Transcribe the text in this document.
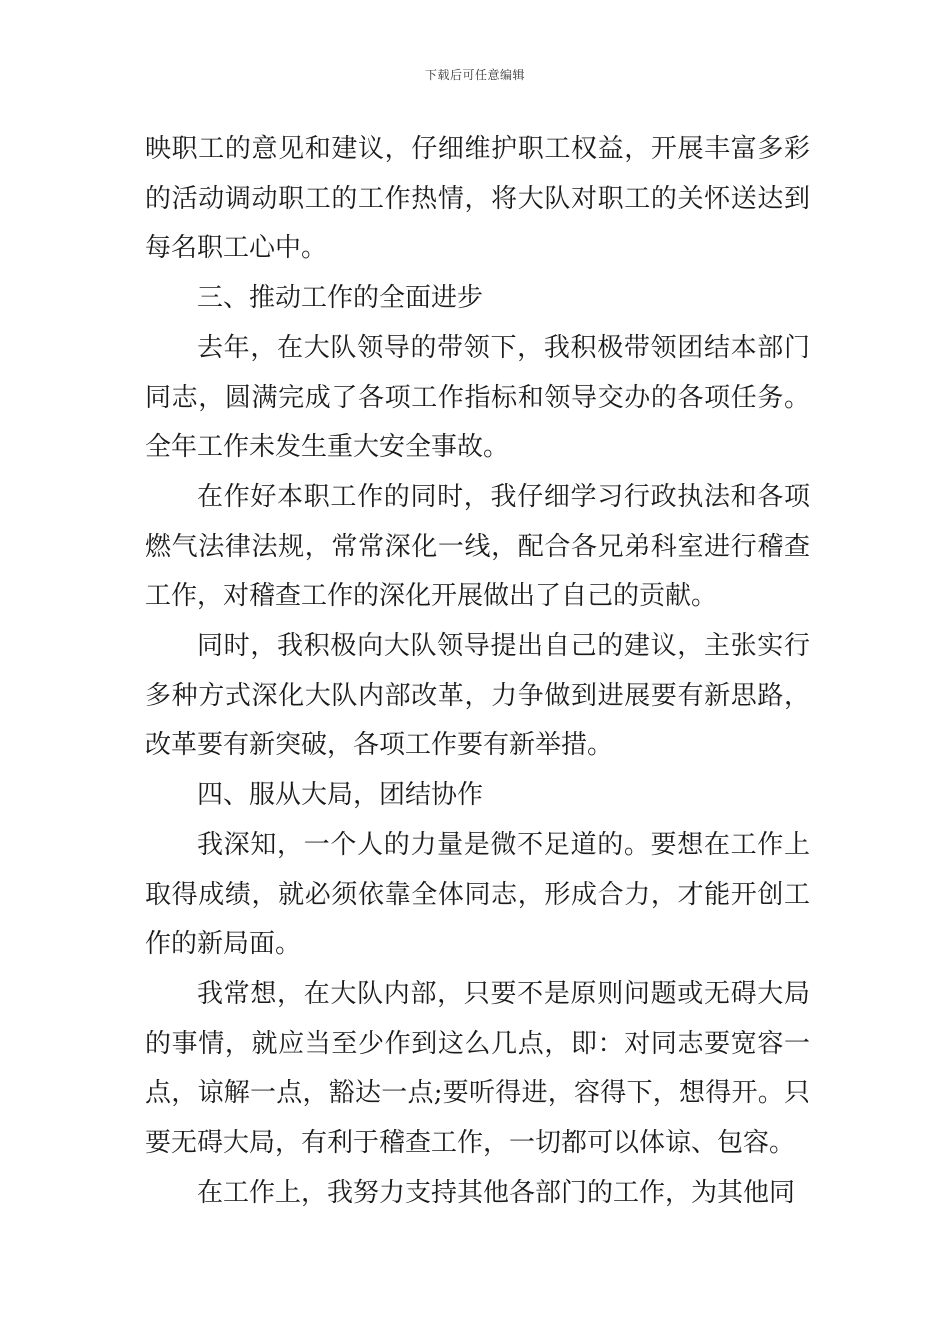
下载后可任意编辑

映职工的意见和建议，仔细维护职工权益，开展丰富多彩的活动调动职工的工作热情，将大队对职工的关怀送达到每名职工心中。

三、推动工作的全面进步

去年，在大队领导的带领下，我积极带领团结本部门同志，圆满完成了各项工作指标和领导交办的各项任务。全年工作未发生重大安全事故。

在作好本职工作的同时，我仔细学习行政执法和各项燃气法律法规，常常深化一线，配合各兄弟科室进行稽查工作，对稽查工作的深化开展做出了自己的贡献。

同时，我积极向大队领导提出自己的建议，主张实行多种方式深化大队内部改革，力争做到进展要有新思路，改革要有新突破，各项工作要有新举措。

四、服从大局，团结协作

我深知，一个人的力量是微不足道的。要想在工作上取得成绩，就必须依靠全体同志，形成合力，才能开创工作的新局面。

我常想，在大队内部，只要不是原则问题或无碍大局的事情，就应当至少作到这么几点，即：对同志要宽容一点，谅解一点，豁达一点;要听得进，容得下，想得开。只要无碍大局，有利于稽查工作，一切都可以体谅、包容。

在工作上，我努力支持其他各部门的工作，为其他同
